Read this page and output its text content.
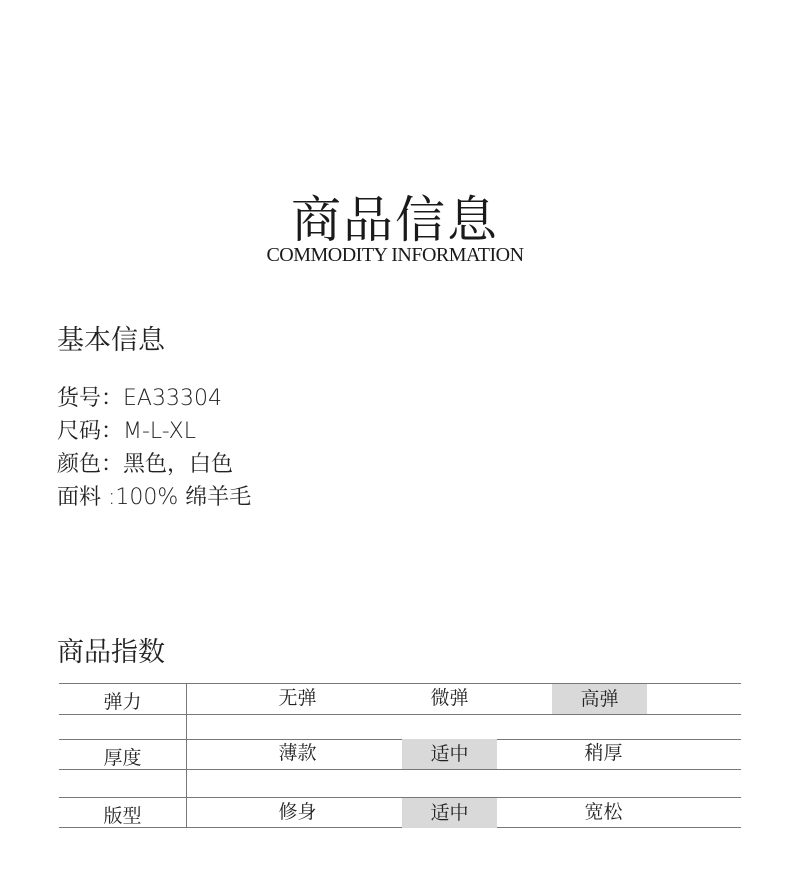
商品信息
COMMODITY INFORMATION
基本信息
货号：EA33304
尺码：M-L-XL
颜色：黑色，白色
面料 :100% 绵羊毛
商品指数
弹力	无弹	微弹	高弹
厚度	薄款	适中	稍厚
版型	修身	适中	宽松
